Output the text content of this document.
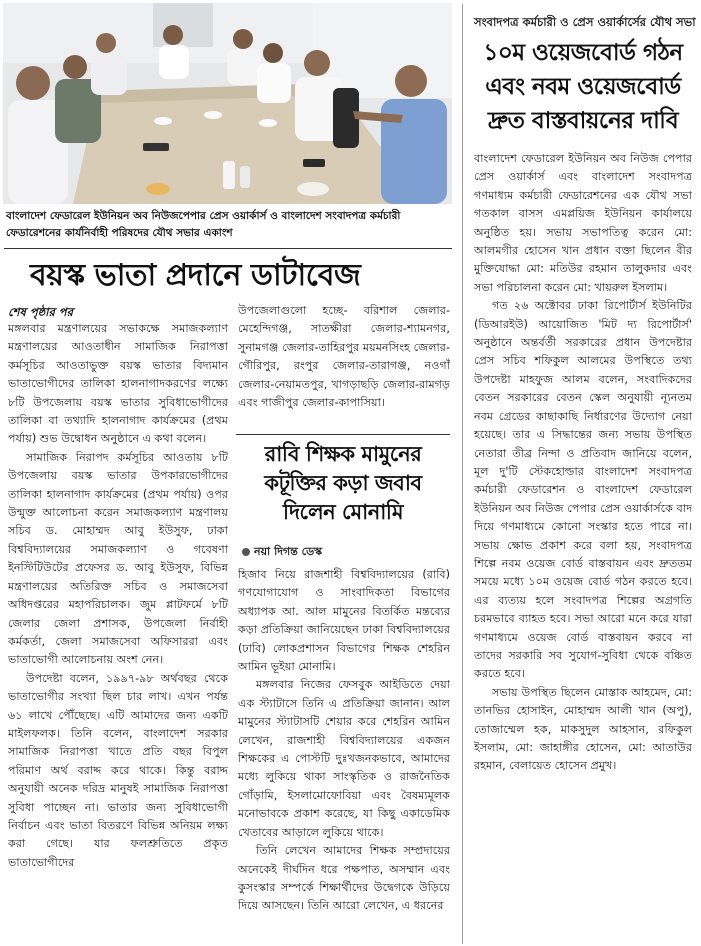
বাংলাদেশ ফেডারেল ইউনিয়ন অব নিউজপেপার প্রেস ওয়ার্কার্স ও বাংলাদেশ সংবাদপত্র কর্মচারী ফেডারেশনের কার্যনির্বাহী পরিষদের যৌথ সভার একাংশ
বয়স্ক ভাতা প্রদানে ডাটাবেজ
শেষ পৃষ্ঠার পর

মঙ্গলবার মন্ত্রণালয়ের সভাকক্ষে সমাজকল্যাণ মন্ত্রণালয়ের আওতাধীন সামাজিক নিরাপত্তা কর্মসূচির আওতাভুক্ত বয়স্ক ভাতার বিদ্যমান ভাতাভোগীদের তালিকা হালনাগাদকরণের লক্ষ্যে ৮টি উপজেলায় বয়স্ক ভাতার সুবিধাভোগীদের তালিকা বা তথ্যাদি হালনাগাদ কার্যক্রমের (প্রথম পর্যায়) শুভ উদ্বোধন অনুষ্ঠানে এ কথা বলেন।

সামাজিক নিরাপদ কর্মসূচির আওতায় ৮টি উপজেলায় বয়স্ক ভাতার উপকারভোগীদের তালিকা হালনাগাদ কার্যক্রমের (প্রথম পর্যায়) ওপর উন্মুক্ত আলোচনা করেন সমাজকল্যাণ মন্ত্রণালয় সচিব ড. মোহাম্মদ আবু ইউসুফ, ঢাকা বিশ্ববিদ্যালয়ের সমাজকল্যাণ ও গবেষণা ইনস্টিটিউটের প্রফেসর ড. আবু ইউসুফ, বিভিন্ন মন্ত্রণালয়ের অতিরিক্ত সচিব ও সমাজসেবা অধিদপ্তরের মহাপরিচালক। জুম প্লাটফর্মে ৮টি জেলার জেলা প্রশাসক, উপজেলা নির্বাহী কর্মকর্তা, জেলা সমাজসেবা অফিসাররা এবং ভাতাভোগী আলোচনায় অংশ নেন।

উপদেষ্টা বলেন, ১৯৯৭-৯৮ অর্থবছর থেকে ভাতাভোগীর সংখ্যা ছিল চার লাখ। এখন পর্যন্ত ৬১ লাখে পৌঁছেছে। এটি আমাদের জন্য একটি মাইলফলক। তিনি বলেন, বাংলাদেশ সরকার সামাজিক নিরাপত্তা খাতে প্রতি বছর বিপুল পরিমাণ অর্থ বরাদ্দ করে থাকে। কিন্তু বরাদ্দ অনুযায়ী অনেক দরিদ্র মানুষই সামাজিক নিরাপত্তা সুবিধা পাচ্ছেন না। ভাতার জন্য সুবিধাভোগী নির্বাচন এবং ভাতা বিতরণে বিভিন্ন অনিয়ম লক্ষ্য করা গেছে। যার ফলশ্রুতিতে প্রকৃত ভাতাভোগীদের

উপজেলাগুলো হচ্ছে- বরিশাল জেলার-মেহেন্দিগঞ্জ, সাতক্ষীরা জেলার-শ্যামনগর, সুনামগঞ্জ জেলার-তাহিরপুর ময়মনসিংহ জেলার-গৌরিপুর, রংপুর জেলার-তারাগঞ্জ, নওগাঁ জেলার-নেয়ামতপুর, খাগড়াছড়ি জেলার-রামগড় এবং গাজীপুর জেলার-কাপাসিয়া।

রাবি শিক্ষক মামুনের
কটূক্তির কড়া জবাব
দিলেন মোনামি
নয়া দিগন্ত ডেস্ক

হিজাব নিয়ে রাজশাহী বিশ্ববিদ্যালয়ের (রাবি) গণযোগাযোগ ও সাংবাদিকতা বিভাগের অধ্যাপক আ. আল মামুনের বিতর্কিত মন্তব্যের কড়া প্রতিক্রিয়া জানিয়েছেন ঢাকা বিশ্ববিদ্যালয়ের (ঢাবি) লোকপ্রশাসন বিভাগের শিক্ষক শেহরিন আমিন ভূইয়া মোনামি।

মঙ্গলবার নিজের ফেসবুক আইডিতে দেয়া এক স্ট্যাটাসে তিনি এ প্রতিক্রিয়া জানান। আল মামুনের স্ট্যাটাসটি শেয়ার করে শেহরিন আমিন লেখেন, রাজশাহী বিশ্ববিদ্যালয়ের একজন শিক্ষকের এ পোস্টটি দুঃখজনকভাবে, আমাদের মধ্যে লুকিয়ে থাকা সাংস্কৃতিক ও রাজনৈতিক গোঁড়ামি, ইসলামোফোবিয়া এবং বৈষম্যমূলক মনোভাবকে প্রকাশ করেছে, যা কিছু একাডেমিক খেতাবের আড়ালে লুকিয়ে থাকে।

তিনি লেখেন আমাদের শিক্ষক সম্প্রদায়ের অনেকেই দীর্ঘদিন ধরে পক্ষপাত, অসম্মান এবং কুসংস্কার সম্পর্কে শিক্ষার্থীদের উদ্বেগকে উড়িয়ে দিয়ে আসছেন। তিনি আরো লেখেন, এ ধরনের

সংবাদপত্র কর্মচারী ও প্রেস ওয়ার্কার্সের যৌথ সভা
১০ম ওয়েজবোর্ড গঠন
এবং নবম ওয়েজবোর্ড
দ্রুত বাস্তবায়নের দাবি

বাংলাদেশ ফেডারেল ইউনিয়ন অব নিউজ পেপার প্রেস ওয়ার্কার্স এবং বাংলাদেশ সংবাদপত্র গণমাধ্যম কর্মচারী ফেডারেশনের এক যৌথ সভা গতকাল বাসস এমপ্লয়িজ ইউনিয়ন কার্যালয়ে অনুষ্ঠিত হয়। সভায় সভাপতিত্ব করেন মো: আলমগীর হোসেন খান প্রধান বক্তা ছিলেন বীর মুক্তিযোদ্ধা মো: মতিউর রহমান তালুকদার এবং সভা পরিচালনা করেন মো: খায়রুল ইসলাম।

গত ২৬ অক্টোবর ঢাকা রিপোর্টার্স ইউনিটির (ডিআরইউ) আয়োজিত 'মিট দ্য রিপোর্টার্স' অনুষ্ঠানে অন্তর্বর্তী সরকারের প্রধান উপদেষ্টার প্রেস সচিব শফিকুল আলমের উপস্থিতে তথ্য উপদেষ্টা মাহফুজ আলম বলেন, সংবাদিকদের বেতন সরকারের বেতন স্কেল অনুযায়ী ন্যূনতম নবম গ্রেডের কাছাকাছি নির্ধারণের উদ্যোগ নেয়া হয়েছে। তার এ সিদ্ধান্তের জন্য সভায় উপস্থিত নেতারা তীব্র নিন্দা ও প্রতিবাদ জানিয়ে বলেন, মূল দু'টি স্টেকহোল্ডার বাংলাদেশ সংবাদপত্র কর্মচারী ফেডারেশন ও বাংলাদেশ ফেডারেল ইউনিয়ন অব নিউজ পেপার প্রেস ওয়ার্কার্সকে বাদ দিয়ে গণমাধ্যমে কোনো সংস্কার হতে পারে না। সভায় ক্ষোভ প্রকাশ করে বলা হয়, সংবাদপত্র শিল্পে নবম ওয়েজ বোর্ড বাস্তবায়ন এবং দ্রুততম সময়ে মধ্যে ১০ম ওয়েজ বোর্ড গঠন করতে হবে। এর ব্যত্যয় হলে সংবাদপত্র শিল্পের অগ্রগতি চরমভাবে ব্যাহত হবে। সভা আরো মনে করে যারা গণমাধ্যমে ওয়েজ বোর্ড বাস্তবায়ন করবে না তাদের সরকারি সব সুযোগ-সুবিধা থেকে বঞ্চিত করতে হবে।

সভায় উপস্থিত ছিলেন মোস্তাক আহমেদ, মো: তানভির হোসাইন, মোহাম্মদ আলী খান (অপু), তোজাম্মেল হক, মাকসুদুল আহসান, রফিকুল ইসলাম, মো: জাহাঙ্গীর হোসেন, মো: আতাউর রহমান, বেলায়েত হোসেন প্রমুখ।
